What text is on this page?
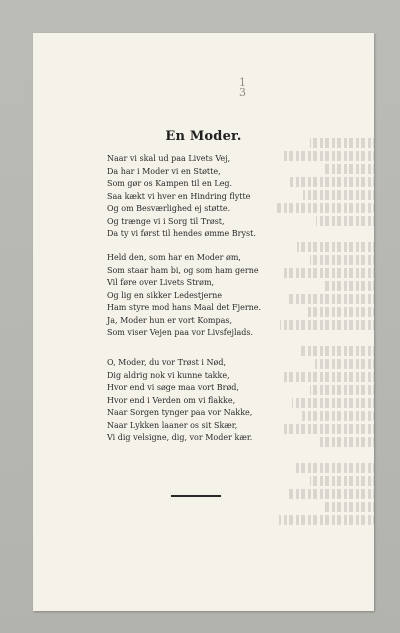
1
3
En Moder.
Naar vi skal ud paa Livets Vej,
Da har i Moder vi en Støtte,
Som gør os Kampen til en Leg.
Saa kækt vi hver en Hindring flytte
Og om Besværlighed ej støtte.
Og trænge vi i Sorg til Trøst,
Da ty vi først til hendes ømme Bryst.
Held den, som har en Moder øm,
Som staar ham bi, og som ham gerne
Vil føre over Livets Strøm,
Og lig en sikker Ledestjerne
Ham styre mod hans Maal det Fjerne.
Ja, Moder hun er vort Kompas,
Som viser Vejen paa vor Livsfejlads.
O, Moder, du vor Trøst i Nød,
Dig aldrig nok vi kunne takke,
Hvor end vi søge maa vort Brød,
Hvor end i Verden om vi flakke,
Naar Sorgen tynger paa vor Nakke,
Naar Lykken laaner os sit Skær,
Vi dig velsigne, dig, vor Moder kær.
